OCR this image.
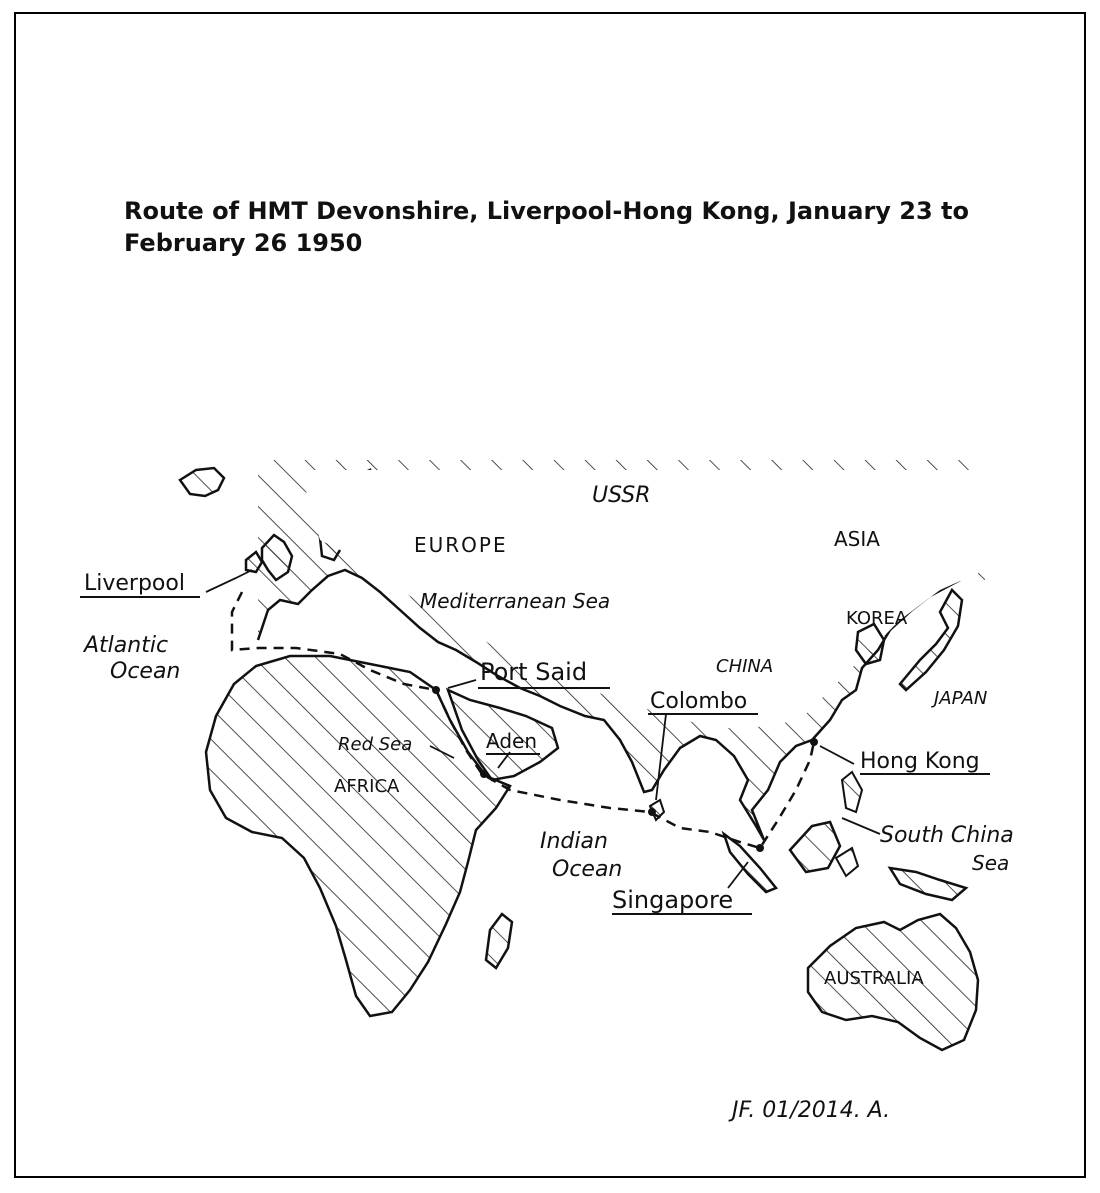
Route of HMT Devonshire, Liverpool-Hong Kong, January 23 to February 26 1950
USSR
EUROPE	ASIA
AFRICA
CHINA
KOREA
JAPAN
AUSTRALIA
Mediterranean Sea
Atlantic
Ocean
Red Sea
Indian
Ocean
South China
Sea
Liverpool
Port Said
Aden
Colombo
Singapore
Hong Kong
JF. 01/2014. A.
